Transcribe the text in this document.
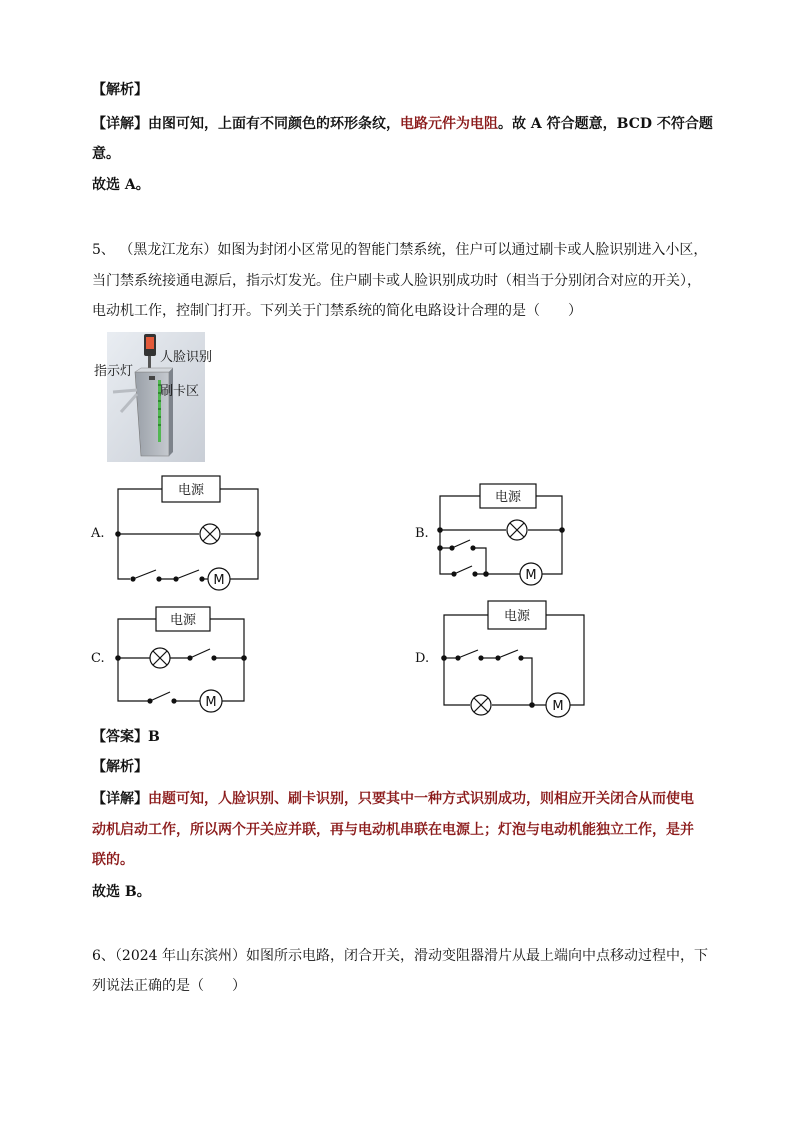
【解析】
【详解】由图可知，上面有不同颜色的环形条纹，电路元件为电阻。故 A 符合题意，BCD 不符合题
意。
故选 A。
5、 （黑龙江龙东）如图为封闭小区常见的智能门禁系统，住户可以通过刷卡或人脸识别进入小区，
当门禁系统接通电源后，指示灯发光。住户刷卡或人脸识别成功时（相当于分别闭合对应的开关），
电动机工作，控制门打开。下列关于门禁系统的简化电路设计合理的是（　　）
人脸识别
指示灯
刷卡区
A.	B.
C.	D.
M	M
M	M
电源	电源
电源	电源
【答案】B
【解析】
【详解】由题可知，人脸识别、刷卡识别，只要其中一种方式识别成功，则相应开关闭合从而使电
动机启动工作，所以两个开关应并联，再与电动机串联在电源上；灯泡与电动机能独立工作，是并
联的。
故选 B。
6、（2024 年山东滨州）如图所示电路，闭合开关，滑动变阻器滑片从最上端向中点移动过程中，下
列说法正确的是（　　）
